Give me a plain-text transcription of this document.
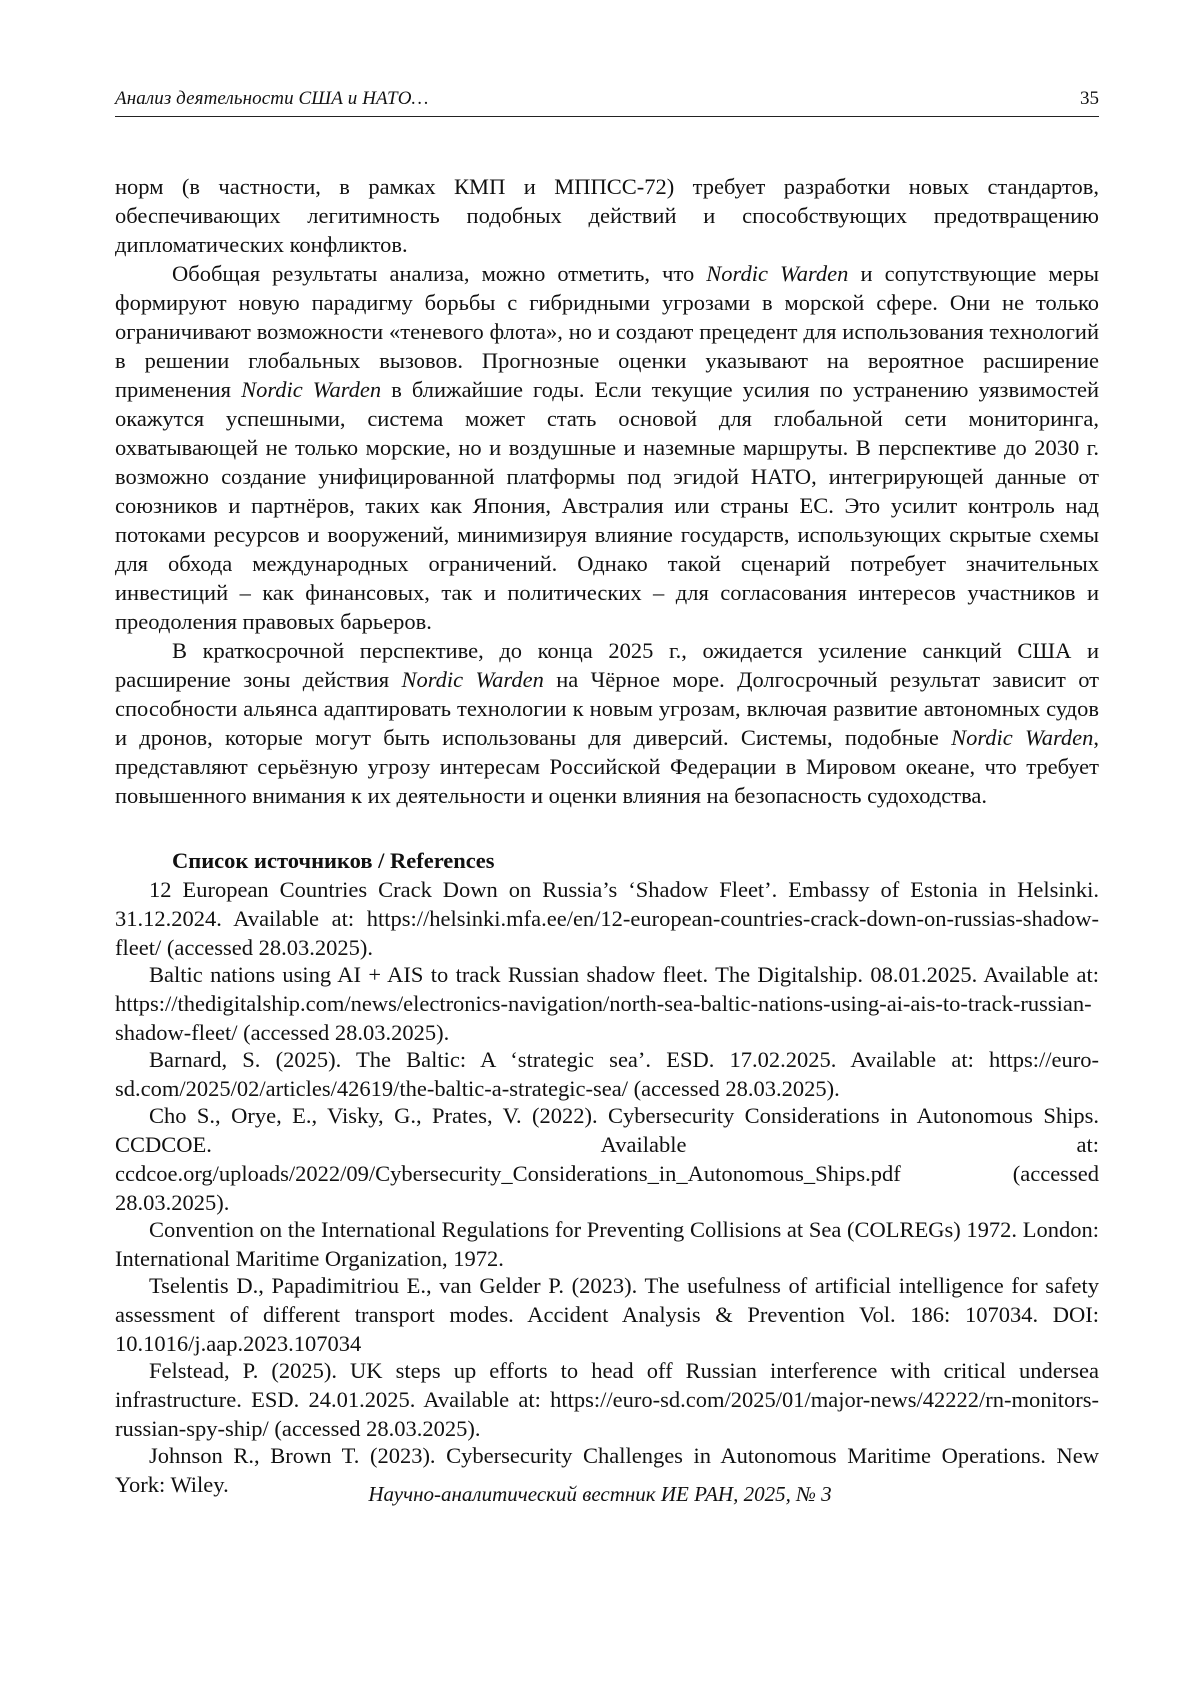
Анализ деятельности США и НАТО…	35

норм (в частности, в рамках КМП и МППСС-72) требует разработки новых стандартов, обеспечивающих легитимность подобных действий и способствующих предотвращению дипломатических конфликтов.

Обобщая результаты анализа, можно отметить, что Nordic Warden и сопутствующие меры формируют новую парадигму борьбы с гибридными угрозами в морской сфере. Они не только ограничивают возможности «теневого флота», но и создают прецедент для использования технологий в решении глобальных вызовов. Прогнозные оценки указывают на вероятное расширение применения Nordic Warden в ближайшие годы. Если текущие усилия по устранению уязвимостей окажутся успешными, система может стать основой для глобальной сети мониторинга, охватывающей не только морские, но и воздушные и наземные маршруты. В перспективе до 2030 г. возможно создание унифицированной платформы под эгидой НАТО, интегрирующей данные от союзников и партнёров, таких как Япония, Австралия или страны ЕС. Это усилит контроль над потоками ресурсов и вооружений, минимизируя влияние государств, использующих скрытые схемы для обхода международных ограничений. Однако такой сценарий потребует значительных инвестиций – как финансовых, так и политических – для согласования интересов участников и преодоления правовых барьеров.

В краткосрочной перспективе, до конца 2025 г., ожидается усиление санкций США и расширение зоны действия Nordic Warden на Чёрное море. Долгосрочный результат зависит от способности альянса адаптировать технологии к новым угрозам, включая развитие автономных судов и дронов, которые могут быть использованы для диверсий. Системы, подобные Nordic Warden, представляют серьёзную угрозу интересам Российской Федерации в Мировом океане, что требует повышенного внимания к их деятельности и оценки влияния на безопасность судоходства.

Список источников / References
12 European Countries Crack Down on Russia’s ‘Shadow Fleet’. Embassy of Estonia in Helsinki. 31.12.2024. Available at: https://helsinki.mfa.ee/en/12-european-countries-crack-down-on-russias-shadow-fleet/ (accessed 28.03.2025).
Baltic nations using AI + AIS to track Russian shadow fleet. The Digitalship. 08.01.2025. Available at: https://thedigitalship.com/news/electronics-navigation/north-sea-baltic-nations-using-ai-ais-to-track-russian-shadow-fleet/ (accessed 28.03.2025).
Barnard, S. (2025). The Baltic: A ‘strategic sea’. ESD. 17.02.2025. Available at: https://euro-sd.com/2025/02/articles/42619/the-baltic-a-strategic-sea/ (accessed 28.03.2025).
Cho S., Orye, E., Visky, G., Prates, V. (2022). Cybersecurity Considerations in Autonomous Ships. CCDCOE. Available at: ccdcoe.org/uploads/2022/09/Cybersecurity_Considerations_in_Autonomous_Ships.pdf (accessed 28.03.2025).
Convention on the International Regulations for Preventing Collisions at Sea (COLREGs) 1972. London: International Maritime Organization, 1972.
Tselentis D., Papadimitriou E., van Gelder P. (2023). The usefulness of artificial intelligence for safety assessment of different transport modes. Accident Analysis & Prevention Vol. 186: 107034. DOI: 10.1016/j.aap.2023.107034
Felstead, P. (2025). UK steps up efforts to head off Russian interference with critical undersea infrastructure. ESD. 24.01.2025. Available at: https://euro-sd.com/2025/01/major-news/42222/rn-monitors-russian-spy-ship/ (accessed 28.03.2025).
Johnson R., Brown T. (2023). Cybersecurity Challenges in Autonomous Maritime Operations. New York: Wiley.	Научно-аналитический вестник ИЕ РАН, 2025, № 3
